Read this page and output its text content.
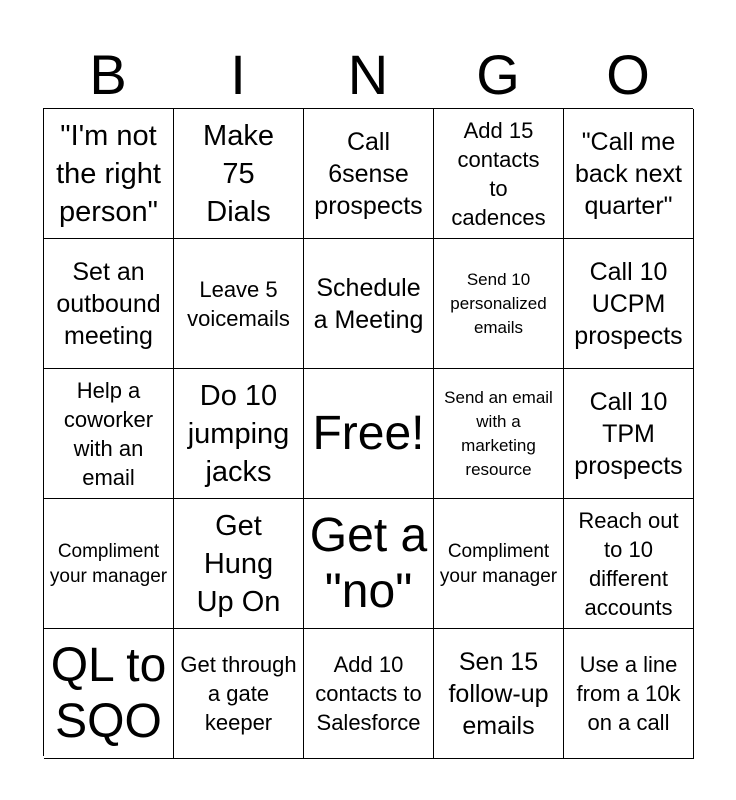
B	I	N	G	O
"I'm not the right person"
Make 75 Dials
Call 6sense prospects
Add 15 contacts to cadences
"Call me back next quarter"
Set an outbound meeting
Leave 5 voicemails
Schedule a Meeting
Send 10 personalized emails
Call 10 UCPM prospects
Help a coworker with an email
Do 10 jumping jacks
Free!
Send an email with a marketing resource
Call 10 TPM prospects
Compliment your manager
Get Hung Up On
Get a "no"
Compliment your manager
Reach out to 10 different accounts
QL to SQO
Get through a gate keeper
Add 10 contacts to Salesforce
Sen 15 follow-up emails
Use a line from a 10k on a call
